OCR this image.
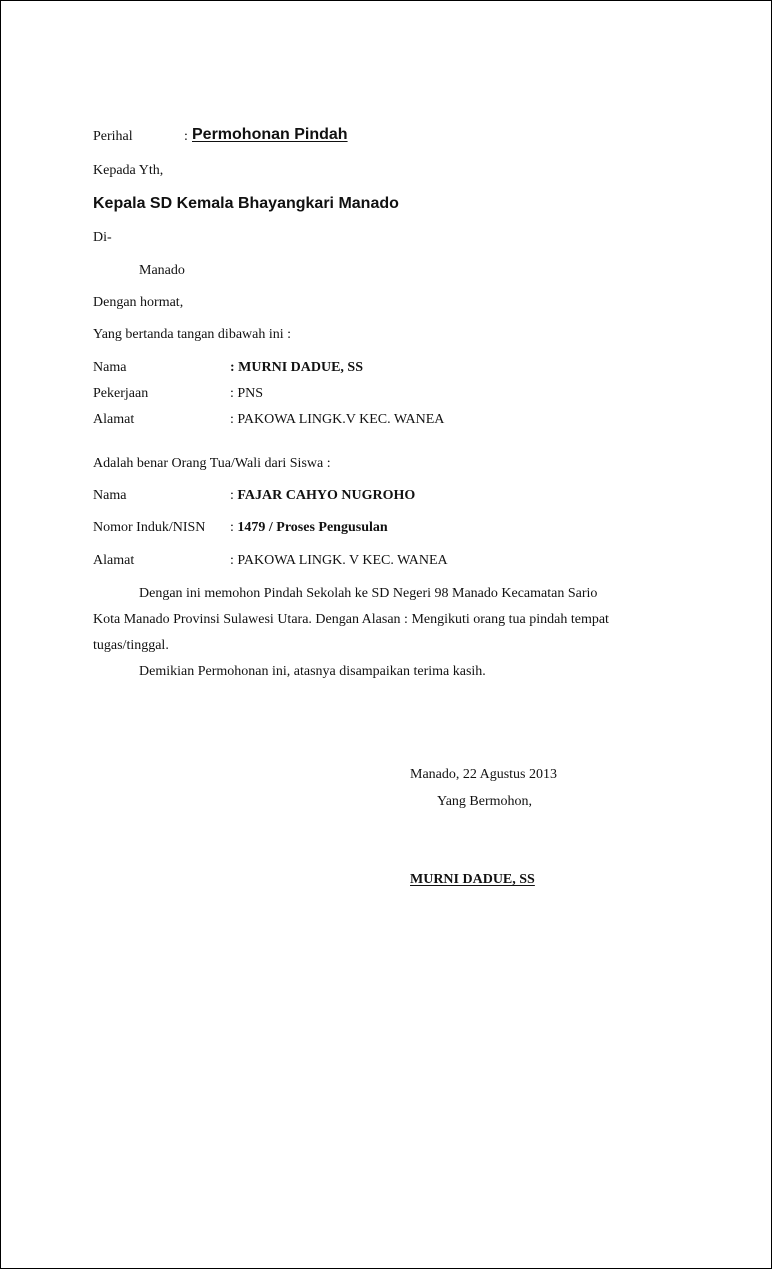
Perihal	: Permohonan Pindah
Kepada Yth,
Kepala SD Kemala Bhayangkari Manado
Di-
Manado
Dengan hormat,
Yang bertanda tangan dibawah ini :
Nama	: MURNI DADUE, SS
Pekerjaan	: PNS
Alamat	: PAKOWA LINGK.V KEC. WANEA
Adalah benar Orang Tua/Wali dari Siswa :
Nama	: FAJAR CAHYO NUGROHO
Nomor Induk/NISN : 1479 / Proses Pengusulan
Alamat	: PAKOWA LINGK. V KEC. WANEA
Dengan ini memohon Pindah Sekolah ke SD Negeri 98 Manado Kecamatan Sario
Kota Manado Provinsi Sulawesi Utara. Dengan Alasan : Mengikuti orang tua pindah tempat
tugas/tinggal.
Demikian Permohonan ini, atasnya disampaikan terima kasih.
Manado, 22 Agustus 2013
Yang Bermohon,
MURNI DADUE, SS
